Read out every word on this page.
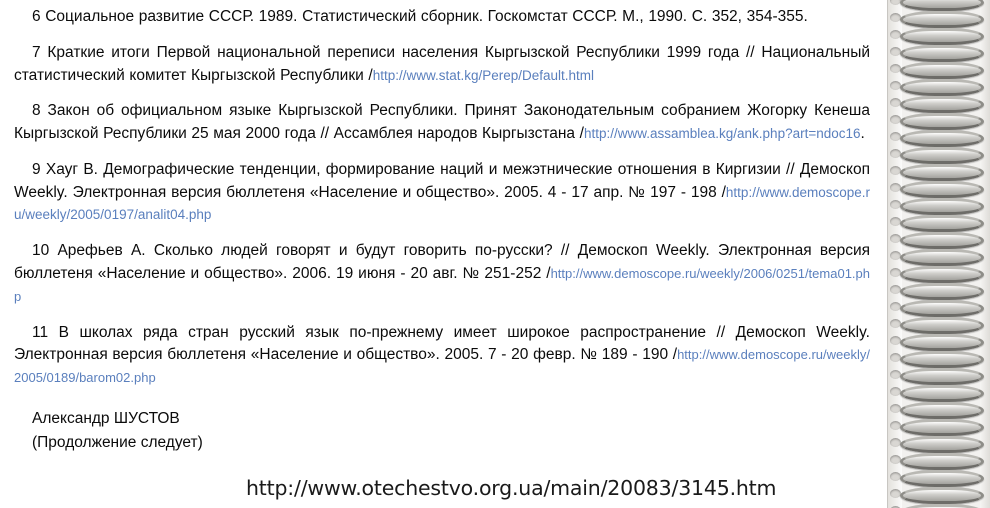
6 Социальное развитие СССР. 1989. Статистический сборник. Госкомстат СССР. М., 1990. С. 352, 354-355.

7 Краткие итоги Первой национальной переписи населения Кыргызской Республики 1999 года // Национальный статистический комитет Кыргызской Республики /http://www.stat.kg/Perep/Default.html

8 Закон об официальном языке Кыргызской Республики. Принят Законодательным собранием Жогорку Кенеша Кыргызской Республики 25 мая 2000 года // Ассамблея народов Кыргызстана /http://www.assamblea.kg/ank.php?art=ndoc16.

9 Хауг В. Демографические тенденции, формирование наций и межэтнические отношения в Киргизии // Демоскоп Weekly. Электронная версия бюллетеня «Население и общество». 2005. 4 - 17 апр. № 197 - 198 /http://www.demoscope.ru/weekly/2005/0197/analit04.php

10 Арефьев А. Сколько людей говорят и будут говорить по-русски? // Демоскоп Weekly. Электронная версия бюллетеня «Население и общество». 2006. 19 июня - 20 авг. № 251-252 /http://www.demoscope.ru/weekly/2006/0251/tema01.php

11 В школах ряда стран русский язык по-прежнему имеет широкое распространение // Демоскоп Weekly. Электронная версия бюллетеня «Население и общество». 2005. 7 - 20 февр. № 189 - 190 /http://www.demoscope.ru/weekly/2005/0189/barom02.php

Александр ШУСТОВ

(Продолжение следует)

http://www.otechestvo.org.ua/main/20083/3145.htm
